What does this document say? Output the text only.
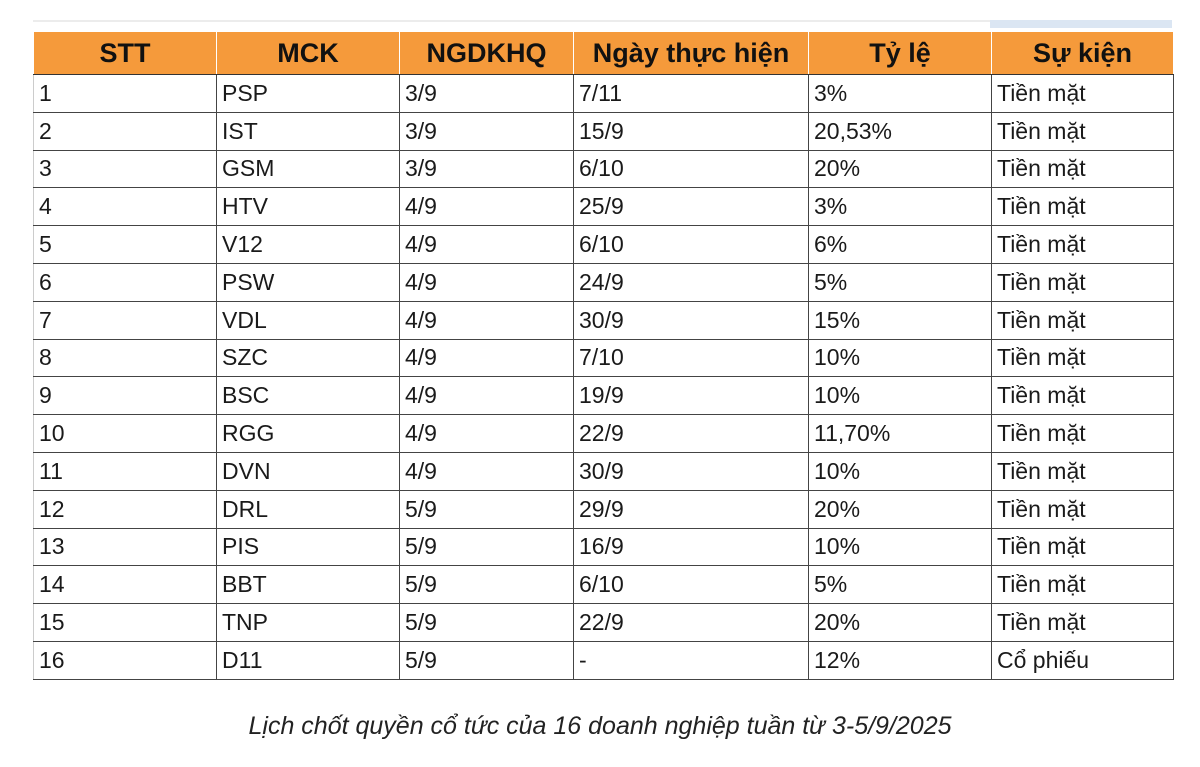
STT	MCK	NGDKHQ	Ngày thực hiện	Tỷ lệ	Sự kiện
1	PSP	3/9	7/11	3%	Tiền mặt
2	IST	3/9	15/9	20,53%	Tiền mặt
3	GSM	3/9	6/10	20%	Tiền mặt
4	HTV	4/9	25/9	3%	Tiền mặt
5	V12	4/9	6/10	6%	Tiền mặt
6	PSW	4/9	24/9	5%	Tiền mặt
7	VDL	4/9	30/9	15%	Tiền mặt
8	SZC	4/9	7/10	10%	Tiền mặt
9	BSC	4/9	19/9	10%	Tiền mặt
10	RGG	4/9	22/9	11,70%	Tiền mặt
11	DVN	4/9	30/9	10%	Tiền mặt
12	DRL	5/9	29/9	20%	Tiền mặt
13	PIS	5/9	16/9	10%	Tiền mặt
14	BBT	5/9	6/10	5%	Tiền mặt
15	TNP	5/9	22/9	20%	Tiền mặt
16	D11	5/9	-	12%	Cổ phiếu
Lịch chốt quyền cổ tức của 16 doanh nghiệp tuần từ 3-5/9/2025
